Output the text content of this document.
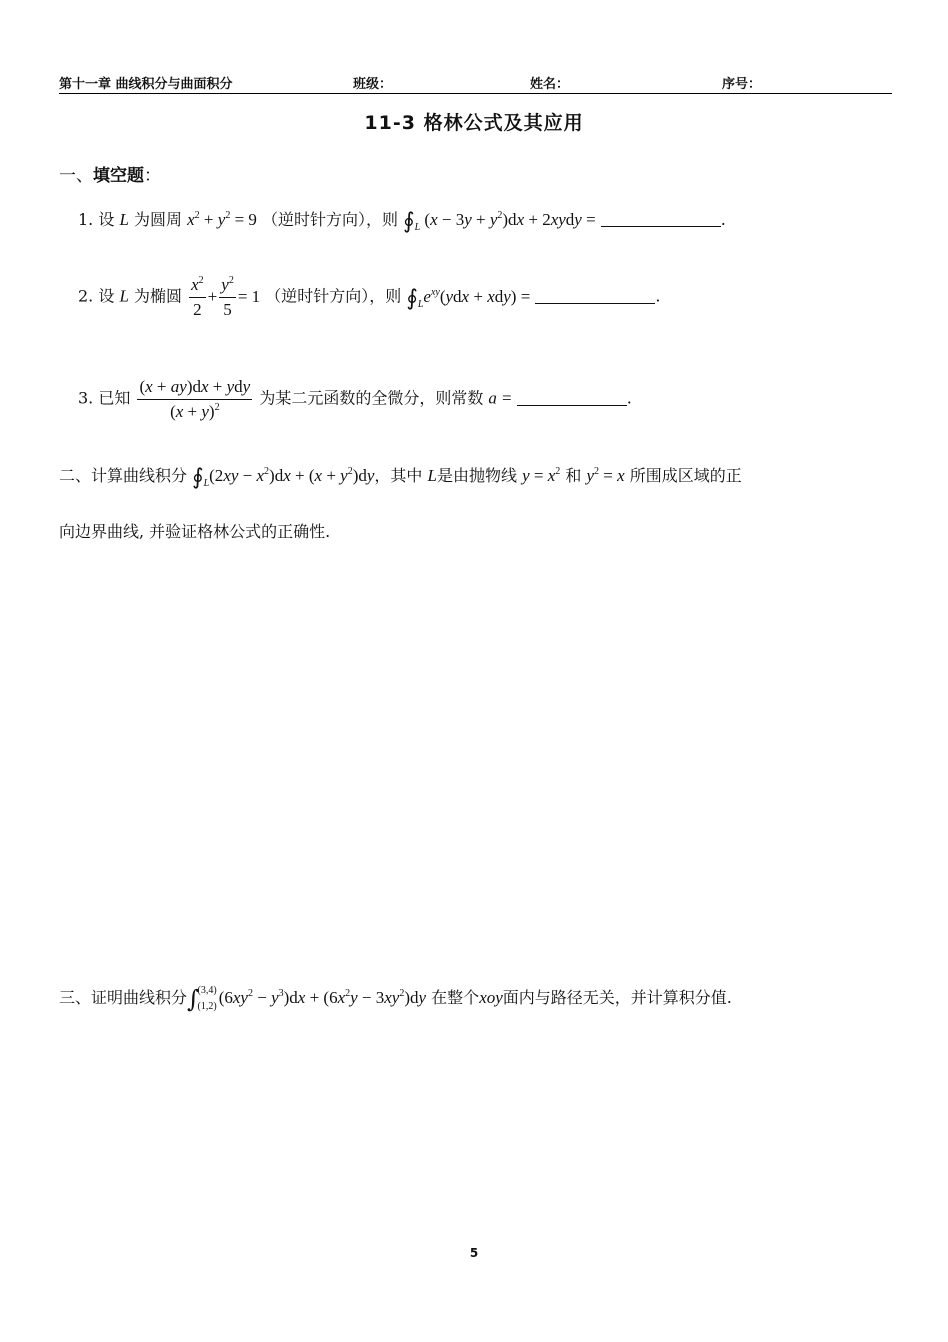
第十一章 曲线积分与曲面积分	班级：	姓名：	序号：
11-3 格林公式及其应用
一、填空题：
1. 设 L 为圆周 $x^2 + y^2 = 9$ （逆时针方向），则 $∮_L$ $(x - 3y + y^2)dx$ + 2xydy =	.
2. 设 L 为椭圆 $\frac{x^2}{2} + \frac{y^2}{5} = 1$ （逆时针方向），则 $∮_Le^{xy}(ydx + xdy)$ =	.
3. 已知 $\frac{\text{(x + ay)dx + ydy}}{(x + y)^2}$ 为某二元函数的全微分，则常数 a =	.
二、计算曲线积分 $∮_L(2xy - x^2)dx + (x + y^2)dy$，其中 L是由抛物线 $y = x^2$ 和 $y^2 = x$ 所围成区域的正
向边界曲线, 并验证格林公式的正确性.
三、证明曲线积分∫
(3,4)
(1,2) $(6xy^2 - y^3)dx + (6x^2y - 3xy^2)dy$ 在整个xoy面内与路径无关，并计算积分值.
5
